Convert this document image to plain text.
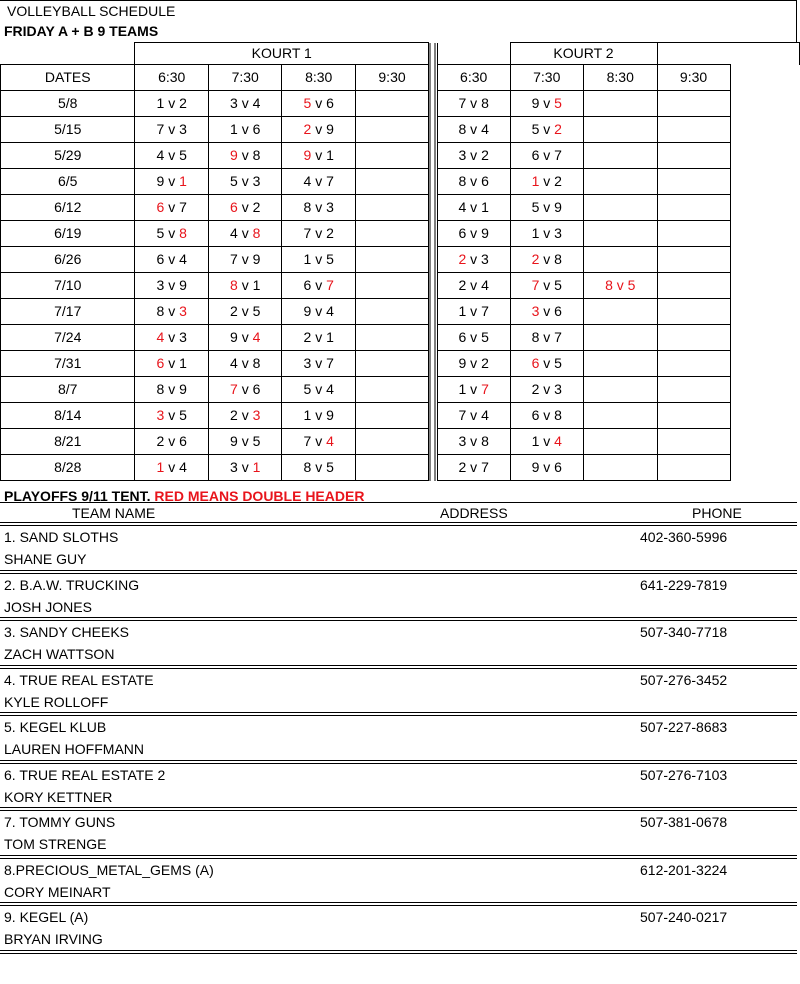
VOLLEYBALL SCHEDULE
FRIDAY A + B 9 TEAMS
	KOURT 1						KOURT 2		
DATES	6:30	7:30	8:30	9:30		6:30	7:30	8:30	9:30
5/8	1 v 2	3 v 4	5 v 6			7 v 8	9 v 5		
5/15	7 v 3	1 v 6	2 v 9			8 v 4	5 v 2		
5/29	4 v 5	9 v 8	9 v 1			3 v 2	6 v 7		
6/5	9 v 1	5 v 3	4 v 7			8 v 6	1 v 2		
6/12	6 v 7	6 v 2	8 v 3			4 v 1	5 v 9		
6/19	5 v 8	4 v 8	7 v 2			6 v 9	1 v 3		
6/26	6 v 4	7 v 9	1 v 5			2 v 3	2 v 8		
7/10	3 v 9	8 v 1	6 v 7			2 v 4	7 v 5	8 v 5	
7/17	8 v 3	2 v 5	9 v 4			1 v 7	3 v 6		
7/24	4 v 3	9 v 4	2 v 1			6 v 5	8 v 7		
7/31	6 v 1	4 v 8	3 v 7			9 v 2	6 v 5		
8/7	8 v 9	7 v 6	5 v 4			1 v 7	2 v 3		
8/14	3 v 5	2 v 3	1 v 9			7 v 4	6 v 8		
8/21	2 v 6	9 v 5	7 v 4			3 v 8	1 v 4		
8/28	1 v 4	3 v 1	8 v 5			2 v 7	9 v 6		
PLAYOFFS 9/11 TENT. RED MEANS DOUBLE HEADER
TEAM NAME	ADDRESS	PHONE
1. SAND SLOTHS	402-360-5996
SHANE GUY
2. B.A.W. TRUCKING	641-229-7819
JOSH JONES
3. SANDY CHEEKS	507-340-7718
ZACH WATTSON
4. TRUE REAL ESTATE	507-276-3452
KYLE ROLLOFF
5. KEGEL KLUB	507-227-8683
LAUREN HOFFMANN
6. TRUE REAL ESTATE 2	507-276-7103
KORY KETTNER
7. TOMMY GUNS	507-381-0678
TOM STRENGE
8.PRECIOUS_METAL_GEMS (A)	612-201-3224
CORY MEINART
9. KEGEL (A)	507-240-0217
BRYAN IRVING
